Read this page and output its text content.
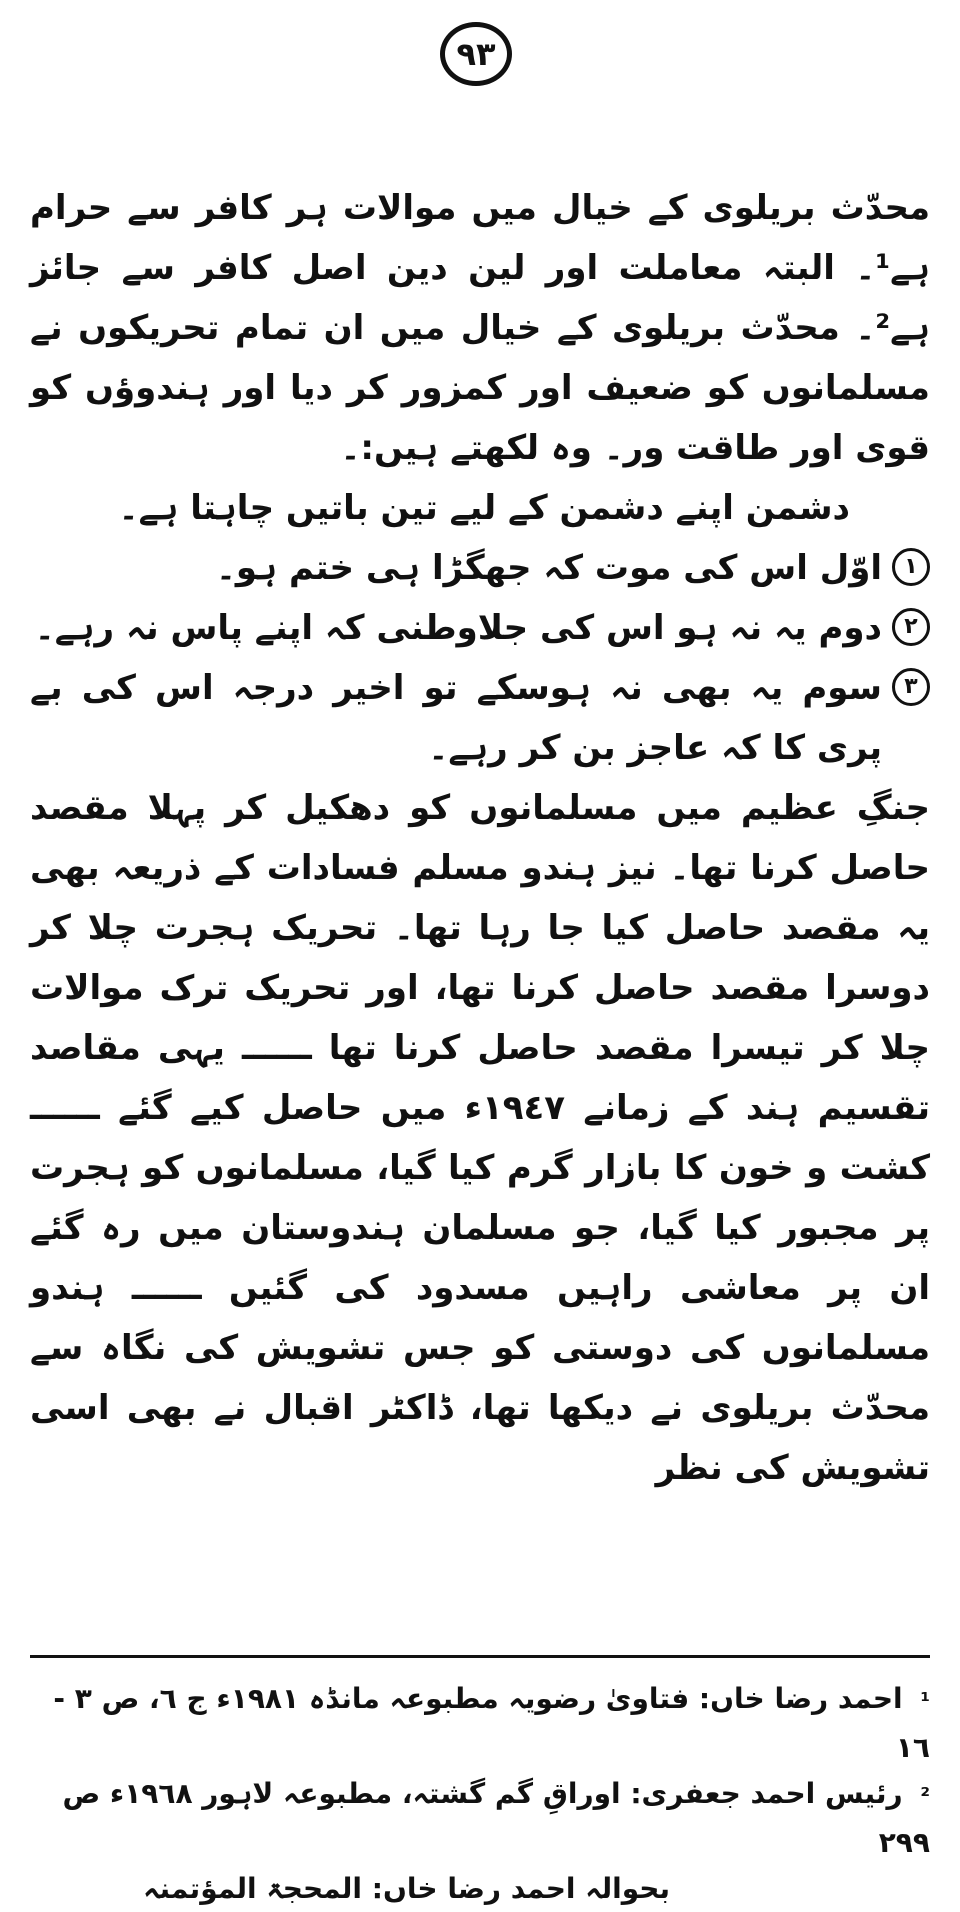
٩٣

محدّث بریلوی کے خیال میں موالات ہر کافر سے حرام ہے¹۔ البتہ معاملت اور لین دین اصل کافر سے جائز ہے²۔ محدّث بریلوی کے خیال میں ان تمام تحریکوں نے مسلمانوں کو ضعیف اور کمزور کر دیا اور ہندوؤں کو قوی اور طاقت ور۔ وہ لکھتے ہیں:۔

دشمن اپنے دشمن کے لیے تین باتیں چاہتا ہے۔

١
اوّل اس کی موت کہ جھگڑا ہی ختم ہو۔
٢
دوم یہ نہ ہو اس کی جلاوطنی کہ اپنے پاس نہ رہے۔
٣
سوم یہ بھی نہ ہوسکے تو اخیر درجہ اس کی بے پری کا کہ عاجز بن کر رہے۔

جنگِ عظیم میں مسلمانوں کو دھکیل کر پہلا مقصد حاصل کرنا تھا۔ نیز ہندو مسلم فسادات کے ذریعہ بھی یہ مقصد حاصل کیا جا رہا تھا۔ تحریک ہجرت چلا کر دوسرا مقصد حاصل کرنا تھا، اور تحریک ترک موالات چلا کر تیسرا مقصد حاصل کرنا تھا ــــــ یہی مقاصد تقسیم ہند کے زمانے ١٩٤٧ء میں حاصل کیے گئے ــــــ کشت و خون کا بازار گرم کیا گیا، مسلمانوں کو ہجرت پر مجبور کیا گیا، جو مسلمان ہندوستان میں رہ گئے ان پر معاشی راہیں مسدود کی گئیں ــــــ ہندو مسلمانوں کی دوستی کو جس تشویش کی نگاہ سے محدّث بریلوی نے دیکھا تھا، ڈاکٹر اقبال نے بھی اسی تشویش کی نظر

¹ احمد رضا خاں: فتاویٰ رضویہ مطبوعہ مانڈہ ١٩٨١ء ج ٦، ص ٣ - ١٦

² رئیس احمد جعفری: اوراقِ گم گشتہ، مطبوعہ لاہور ١٩٦٨ء ص ٢٩٩

بحوالہ احمد رضا خاں: المحجۃ المؤتمنہ
